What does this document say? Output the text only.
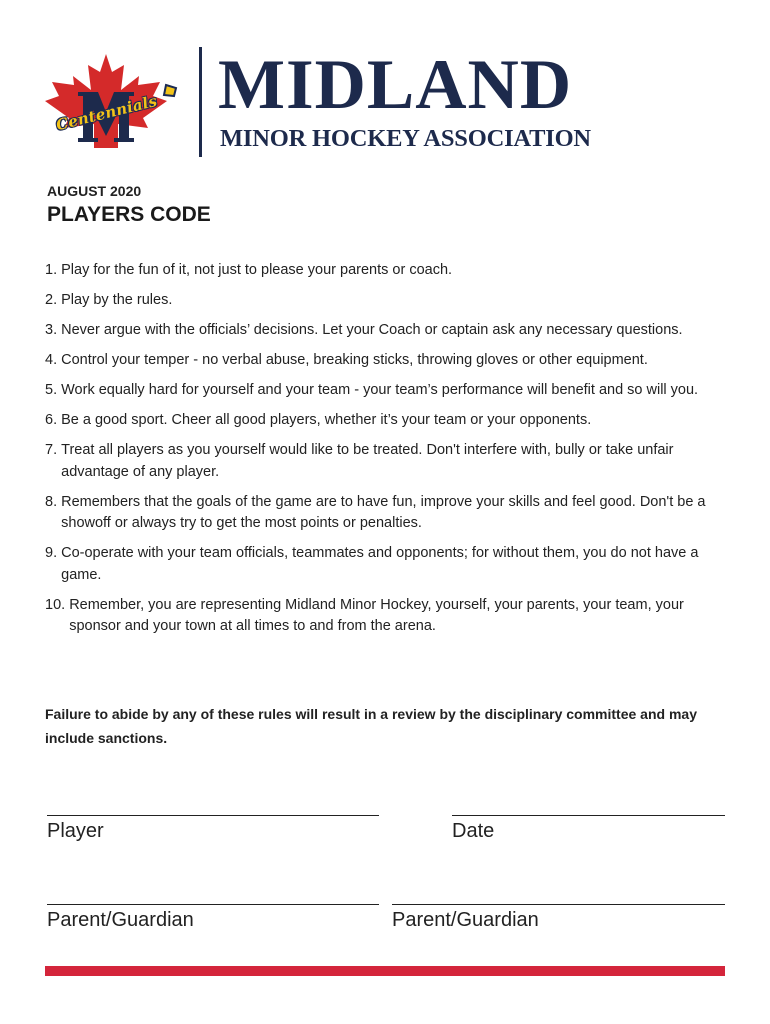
Centennials MIDLAND
MINOR HOCKEY ASSOCIATION
AUGUST 2020
PLAYERS CODE
1. Play for the fun of it, not just to please your parents or coach.
2. Play by the rules.
3. Never argue with the officials’ decisions. Let your Coach or captain ask any necessary questions.
4. Control your temper - no verbal abuse, breaking sticks, throwing gloves or other equipment.
5. Work equally hard for yourself and your team - your team’s performance will benefit and so will you.
6. Be a good sport. Cheer all good players, whether it’s your team or your opponents.
7. Treat all players as you yourself would like to be treated. Don't interfere with, bully or take unfair advantage of any player.
8. Remembers that the goals of the game are to have fun, improve your skills and feel good. Don't be a showoff or always try to get the most points or penalties.
9. Co-operate with your team officials, teammates and opponents; for without them, you do not have a game.
10. Remember, you are representing Midland Minor Hockey, yourself, your parents, your team, your sponsor and your town at all times to and from the arena.

Failure to abide by any of these rules will result in a review by the disciplinary committee and may include sanctions.

Player	Date
Parent/Guardian	Parent/Guardian
